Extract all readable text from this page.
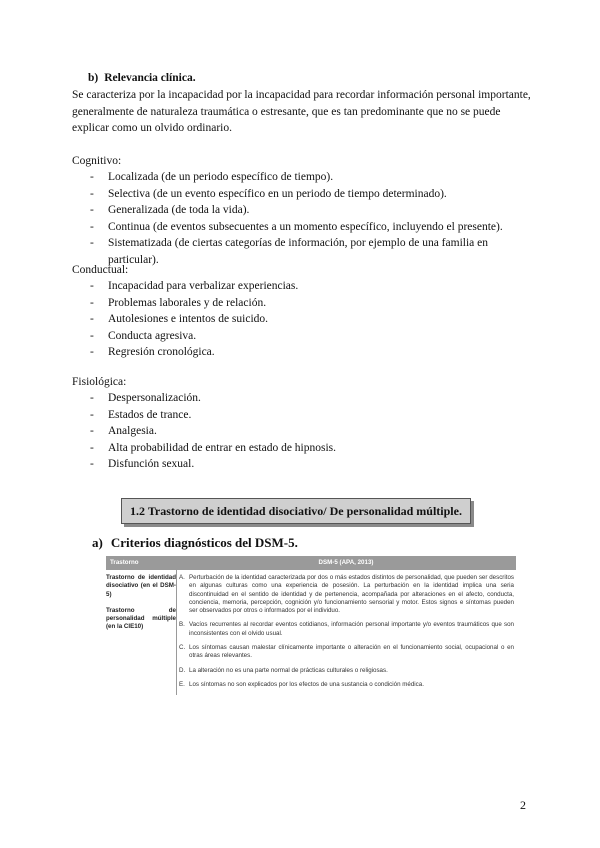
b) Relevancia clínica.
Se caracteriza por la incapacidad por la incapacidad para recordar información personal importante, generalmente de naturaleza traumática o estresante, que es tan predominante que no se puede explicar como un olvido ordinario.
Cognitivo:
- Localizada (de un periodo específico de tiempo).
- Selectiva (de un evento específico en un periodo de tiempo determinado).
- Generalizada (de toda la vida).
- Continua (de eventos subsecuentes a un momento específico, incluyendo el presente).
- Sistematizada (de ciertas categorías de información, por ejemplo de una familia en particular).
Conductual:
- Incapacidad para verbalizar experiencias.
- Problemas laborales y de relación.
- Autolesiones e intentos de suicido.
- Conducta agresiva.
- Regresión cronológica.
Fisiológica:
- Despersonalización.
- Estados de trance.
- Analgesia.
- Alta probabilidad de entrar en estado de hipnosis.
- Disfunción sexual.
1.2 Trastorno de identidad disociativo/ De personalidad múltiple.
a) Criterios diagnósticos del DSM-5.
Trastorno	DSM-5 (APA, 2013)
Trastorno de identidad disociativo (en el DSM-5)
Trastorno de personalidad múltiple (en la CIE10)
A. Perturbación de la identidad caracterizada por dos o más estados distintos de personalidad, que pueden ser descritos en algunas culturas como una experiencia de posesión. La perturbación en la identidad implica una seria discontinuidad en el sentido de identidad y de pertenencia, acompañada por alteraciones en el afecto, conducta, conciencia, memoria, percepción, cognición y/o funcionamiento sensorial y motor. Estos signos e síntomas pueden ser observados por otros o informados por el individuo.
B. Vacíos recurrentes al recordar eventos cotidianos, información personal importante y/o eventos traumáticos que son inconsistentes con el olvido usual.
C. Los síntomas causan malestar clínicamente importante o alteración en el funcionamiento social, ocupacional o en otras áreas relevantes.
D. La alteración no es una parte normal de prácticas culturales o religiosas.
E. Los síntomas no son explicados por los efectos de una sustancia o condición médica.
2
